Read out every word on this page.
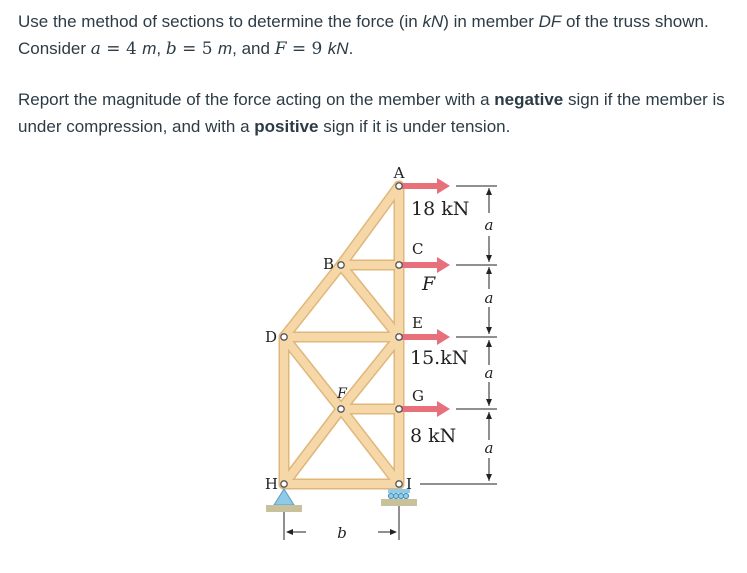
Use the method of sections to determine the force (in kN) in member DF of the truss shown. Consider a = 4 m, b = 5 m, and F = 9 kN.

Report the magnitude of the force acting on the member with a negative sign if the member is under compression, and with a positive sign if it is under tension.

a
a
a
a
b
A
B
C
D
E
F	G
H	I
18 kN
F
15.kN
8 kN
